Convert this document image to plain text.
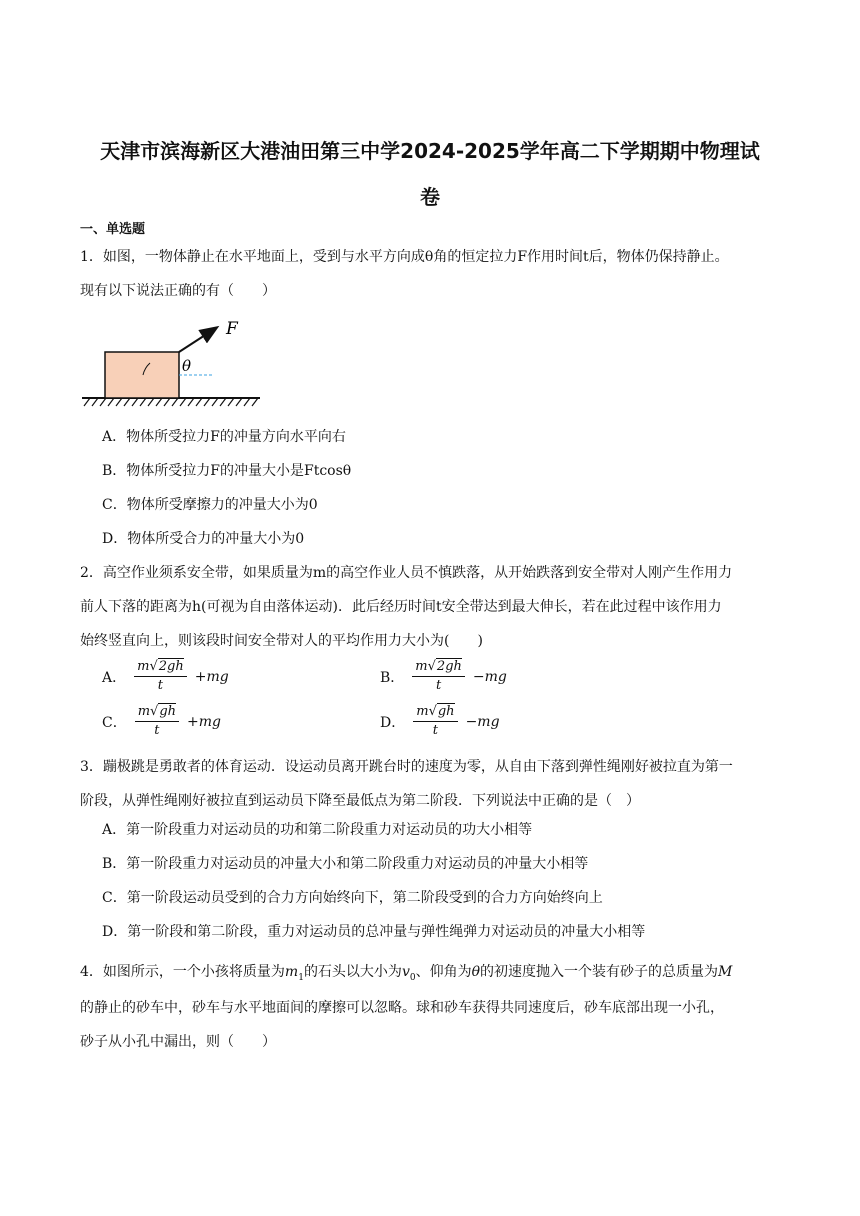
天津市滨海新区大港油田第三中学2024-2025学年高二下学期期中物理试
卷
一、单选题
1．如图，一物体静止在水平地面上，受到与水平方向成θ角的恒定拉力F作用时间t后，物体仍保持静止。
现有以下说法正确的有（　　）
F
θ
A．物体所受拉力F的冲量方向水平向右
B．物体所受拉力F的冲量大小是Ftcosθ
C．物体所受摩擦力的冲量大小为0
D．物体所受合力的冲量大小为0
2．高空作业须系安全带，如果质量为m的高空作业人员不慎跌落，从开始跌落到安全带对人刚产生作用力
前人下落的距离为h(可视为自由落体运动)．此后经历时间t安全带达到最大伸长，若在此过程中该作用力
始终竖直向上，则该段时间安全带对人的平均作用力大小为(　　)
A． $\frac{m√2gh}{t} +mg$	B． $\frac{m√2gh}{t} -mg$
C． $\frac{m√gh}{t} +mg$	D． $\frac{m√gh}{t} -mg$
3．蹦极跳是勇敢者的体育运动．设运动员离开跳台时的速度为零，从自由下落到弹性绳刚好被拉直为第一
阶段，从弹性绳刚好被拉直到运动员下降至最低点为第二阶段．下列说法中正确的是（　）
A．第一阶段重力对运动员的功和第二阶段重力对运动员的功大小相等
B．第一阶段重力对运动员的冲量大小和第二阶段重力对运动员的冲量大小相等
C．第一阶段运动员受到的合力方向始终向下，第二阶段受到的合力方向始终向上
D．第一阶段和第二阶段，重力对运动员的总冲量与弹性绳弹力对运动员的冲量大小相等
4．如图所示，一个小孩将质量为$m_1$的石头以大小为$v_0$、仰角为θ的初速度抛入一个装有砂子的总质量为M
的静止的砂车中，砂车与水平地面间的摩擦可以忽略。球和砂车获得共同速度后，砂车底部出现一小孔，
砂子从小孔中漏出，则（　　）
